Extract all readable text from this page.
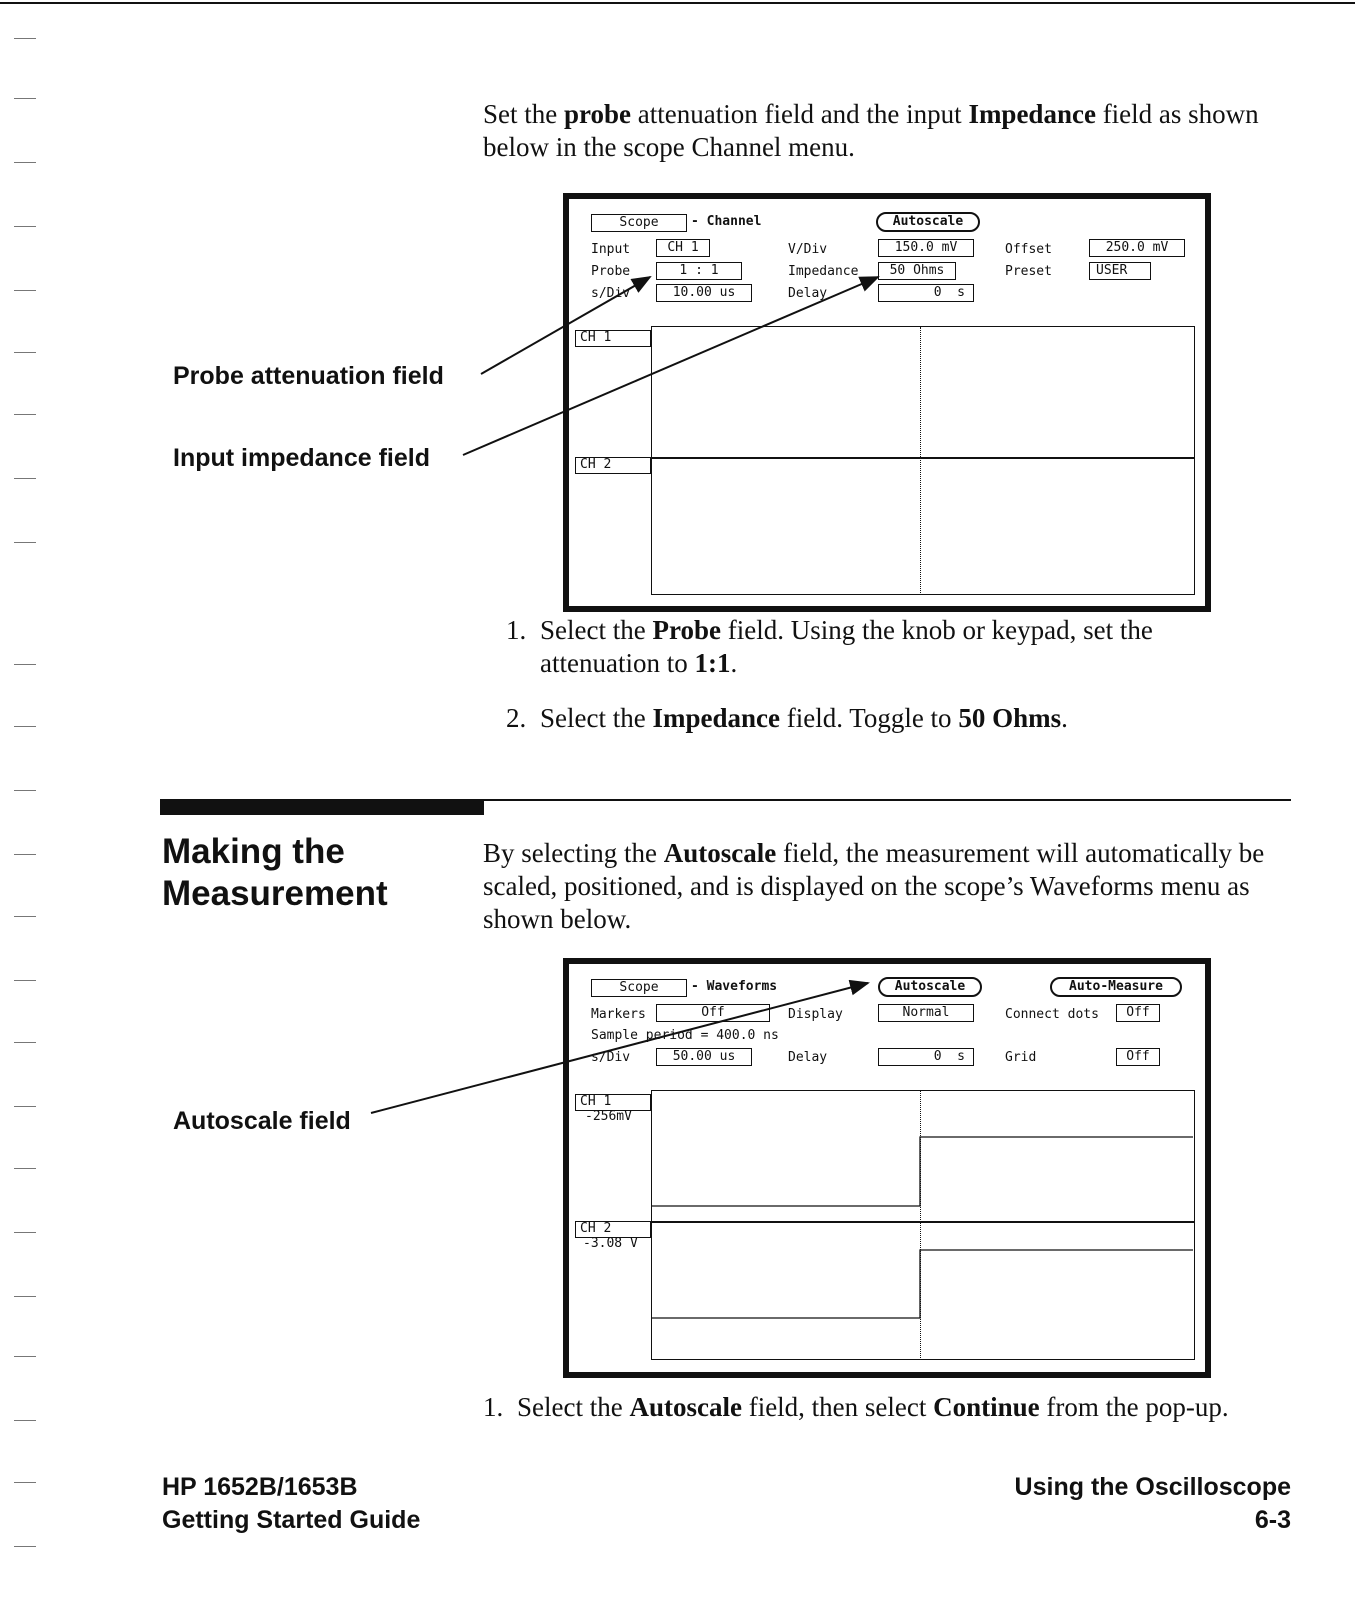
Set the probe attenuation field and the input Impedance field as shown below in the scope Channel menu.

Scope	- Channel	Autoscale
Input	CH 1
Probe	1 : 1
s/Div	10.00 us
V/Div	150.0 mV
Impedance	50 Ohms
Delay	0  s
Offset	250.0 mV
Preset	USER
CH 1
CH 2
Probe attenuation field
Input impedance field
1. Select the Probe field. Using the knob or keypad, set the attenuation to 1:1.
2. Select the Impedance field. Toggle to 50 Ohms.
Making the
Measurement

By selecting the Autoscale field, the measurement will automatically be scaled, positioned, and is displayed on the scope’s Waveforms menu as shown below.

Scope	- Waveforms	Autoscale	Auto-Measure
Markers	Off	Display	Normal	Connect dots	Off
Sample period = 400.0 ns
s/Div	50.00 us	Delay	0  s	Grid	Off
CH 1
-256mV
CH 2
-3.08 V
Autoscale field
1. Select the Autoscale field, then select Continue from the pop-up.
HP 1652B/1653B
Getting Started Guide
Using the Oscilloscope
6-3
